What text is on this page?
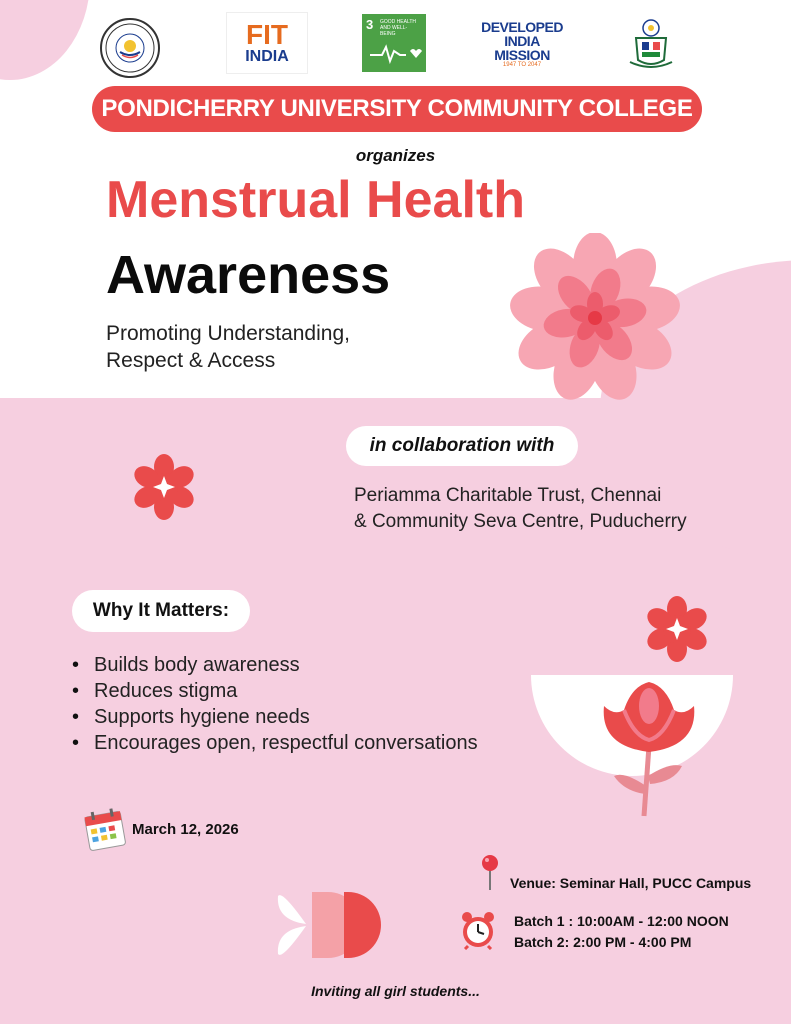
FIT
INDIA
3 GOOD HEALTH AND WELL-BEING	DEVELOPED
INDIA
MISSION
1947 TO 2047
PONDICHERRY UNIVERSITY COMMUNITY COLLEGE
organizes
Menstrual Health
Awareness
Promoting Understanding,
Respect & Access
in collaboration with
Periamma Charitable Trust, Chennai
& Community Seva Centre, Puducherry
Why It Matters:
• Builds body awareness
• Reduces stigma
• Supports hygiene needs
• Encourages open, respectful conversations
March 12, 2026
Venue: Seminar Hall, PUCC Campus
Batch 1 : 10:00AM - 12:00 NOON
Batch 2: 2:00 PM - 4:00 PM
Inviting all girl students...
